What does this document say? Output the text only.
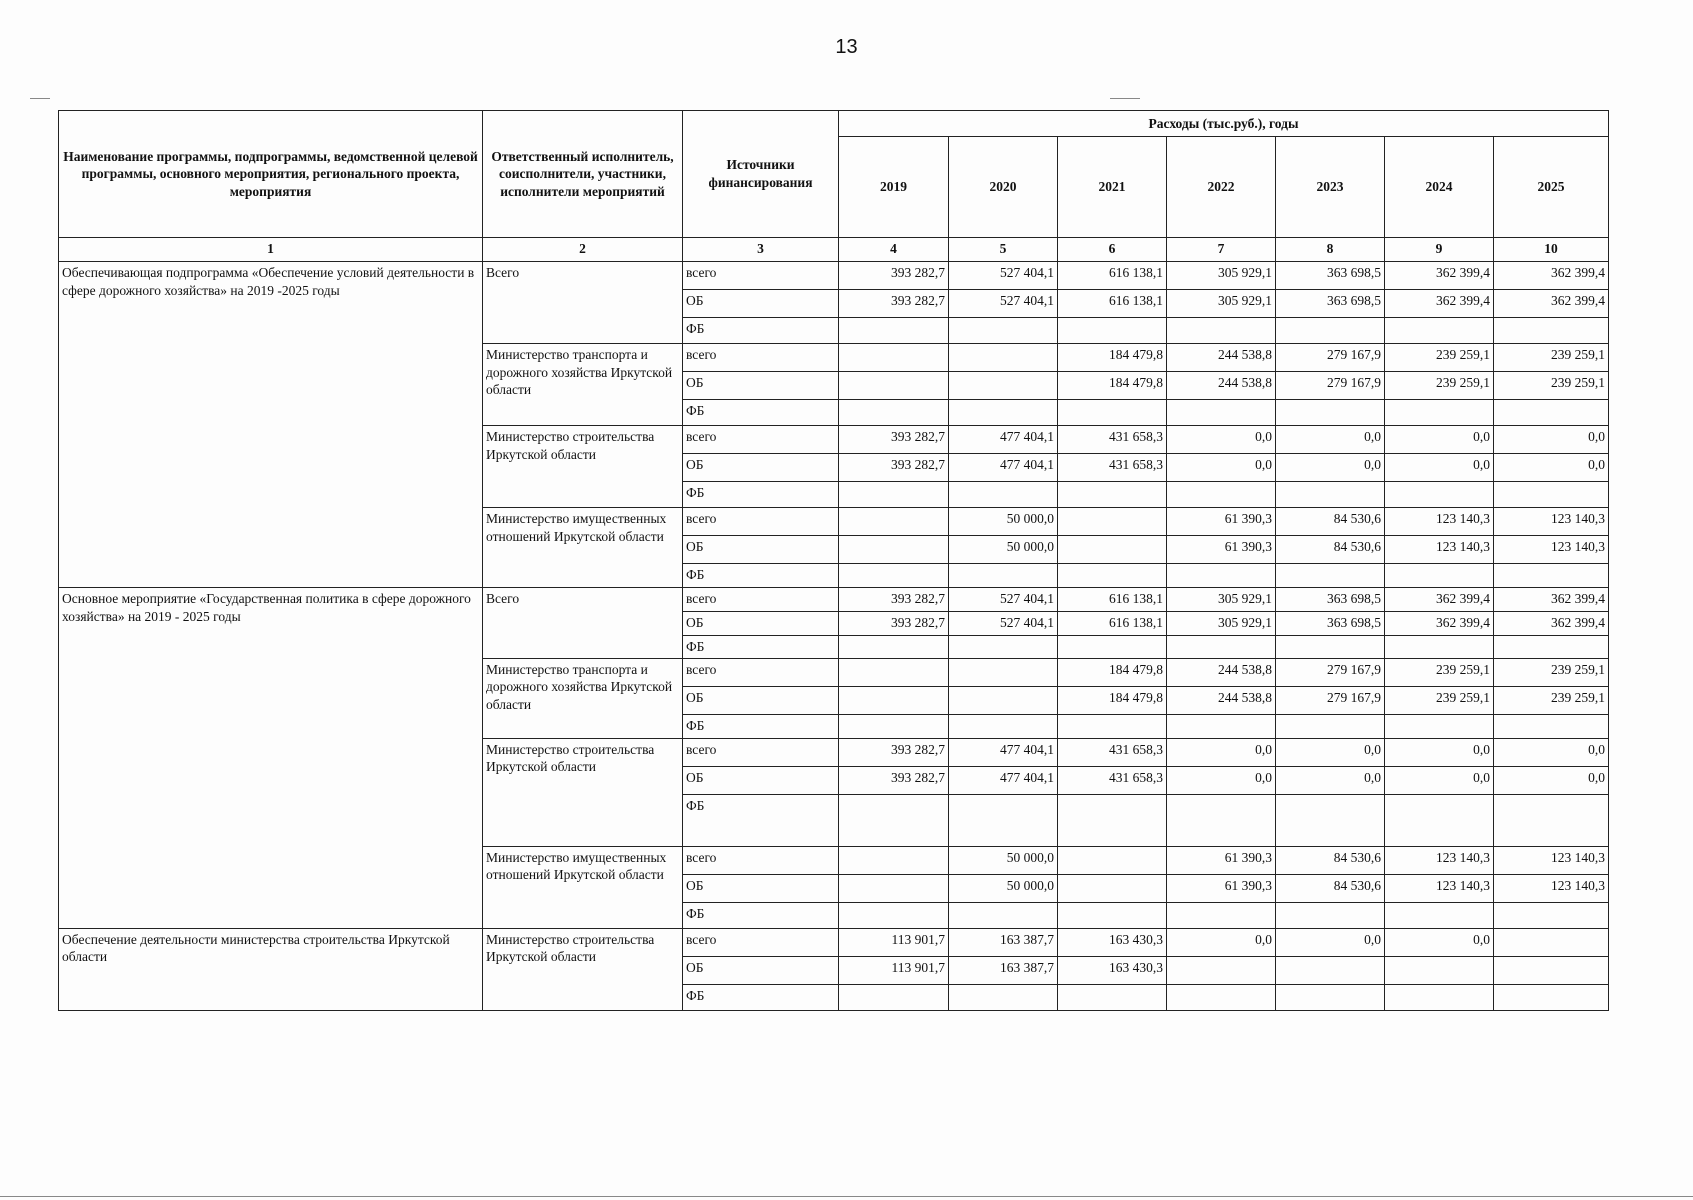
13
Наименование программы, подпрограммы, ведомственной целевой программы, основного мероприятия, регионального проекта, мероприятия	Ответственный исполнитель, соисполнители, участники, исполнители мероприятий	Источники финансирования	Расходы (тыс.руб.), годы						
			2019	2020	2021	2022	2023	2024	2025
1	2	3	4	5	6	7	8	9	10
Обеспечивающая подпрограмма «Обеспечение условий деятельности в сфере дорожного хозяйства» на 2019 -2025 годы	Всего	всего	393 282,7	527 404,1	616 138,1	305 929,1	363 698,5	362 399,4	362 399,4
		ОБ	393 282,7	527 404,1	616 138,1	305 929,1	363 698,5	362 399,4	362 399,4
		ФБ							
	Министерство транспорта и дорожного хозяйства Иркутской области	всего			184 479,8	244 538,8	279 167,9	239 259,1	239 259,1
		ОБ			184 479,8	244 538,8	279 167,9	239 259,1	239 259,1
		ФБ							
	Министерство строительства Иркутской области	всего	393 282,7	477 404,1	431 658,3	0,0	0,0	0,0	0,0
		ОБ	393 282,7	477 404,1	431 658,3	0,0	0,0	0,0	0,0
		ФБ							
	Министерство имущественных отношений Иркутской области	всего		50 000,0		61 390,3	84 530,6	123 140,3	123 140,3
		ОБ		50 000,0		61 390,3	84 530,6	123 140,3	123 140,3
		ФБ							
Основное мероприятие «Государственная политика в сфере дорожного хозяйства» на 2019 - 2025 годы	Всего	всего	393 282,7	527 404,1	616 138,1	305 929,1	363 698,5	362 399,4	362 399,4
		ОБ	393 282,7	527 404,1	616 138,1	305 929,1	363 698,5	362 399,4	362 399,4
		ФБ							
	Министерство транспорта и дорожного хозяйства Иркутской области	всего			184 479,8	244 538,8	279 167,9	239 259,1	239 259,1
		ОБ			184 479,8	244 538,8	279 167,9	239 259,1	239 259,1
		ФБ							
	Министерство строительства Иркутской области	всего	393 282,7	477 404,1	431 658,3	0,0	0,0	0,0	0,0
		ОБ	393 282,7	477 404,1	431 658,3	0,0	0,0	0,0	0,0
		ФБ							
	Министерство имущественных отношений Иркутской области	всего		50 000,0		61 390,3	84 530,6	123 140,3	123 140,3
		ОБ		50 000,0		61 390,3	84 530,6	123 140,3	123 140,3
		ФБ							
Обеспечение деятельности министерства строительства Иркутской области	Министерство строительства Иркутской области	всего	113 901,7	163 387,7	163 430,3	0,0	0,0	0,0	
		ОБ	113 901,7	163 387,7	163 430,3				
		ФБ							
